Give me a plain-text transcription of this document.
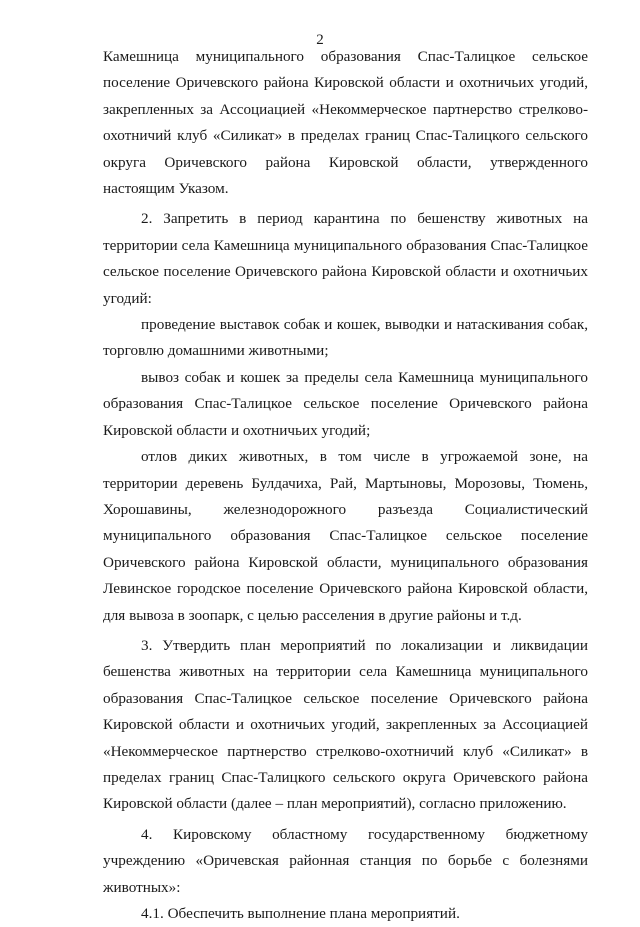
2

Камешница муниципального образования Спас-Талицкое сельское поселение Оричевского района Кировской области и охотничьих угодий, закрепленных за Ассоциацией «Некоммерческое партнерство стрелково-охотничий клуб «Силикат» в пределах границ Спас-Талицкого сельского округа Оричевского района Кировской области, утвержденного настоящим Указом.

2. Запретить в период карантина по бешенству животных на территории села Камешница муниципального образования Спас-Талицкое сельское поселение Оричевского района Кировской области и охотничьих угодий:

проведение выставок собак и кошек, выводки и натаскивания собак, торговлю домашними животными;

вывоз собак и кошек за пределы села Камешница муниципального образования Спас-Талицкое сельское поселение Оричевского района Кировской области и охотничьих угодий;

отлов диких животных, в том числе в угрожаемой зоне, на территории деревень Булдачиха, Рай, Мартыновы, Морозовы, Тюмень, Хорошавины, железнодорожного разъезда Социалистический муниципального образования Спас-Талицкое сельское поселение Оричевского района Кировской области, муниципального образования Левинское городское поселение Оричевского района Кировской области, для вывоза в зоопарк, с целью расселения в другие районы и т.д.

3. Утвердить план мероприятий по локализации и ликвидации бешенства животных на территории села Камешница муниципального образования Спас-Талицкое сельское поселение Оричевского района Кировской области и охотничьих угодий, закрепленных за Ассоциацией «Некоммерческое партнерство стрелково-охотничий клуб «Силикат» в пределах границ Спас-Талицкого сельского округа Оричевского района Кировской области (далее – план мероприятий), согласно приложению.

4. Кировскому областному государственному бюджетному учреждению «Оричевская районная станция по борьбе с болезнями животных»:

4.1. Обеспечить выполнение плана мероприятий.
